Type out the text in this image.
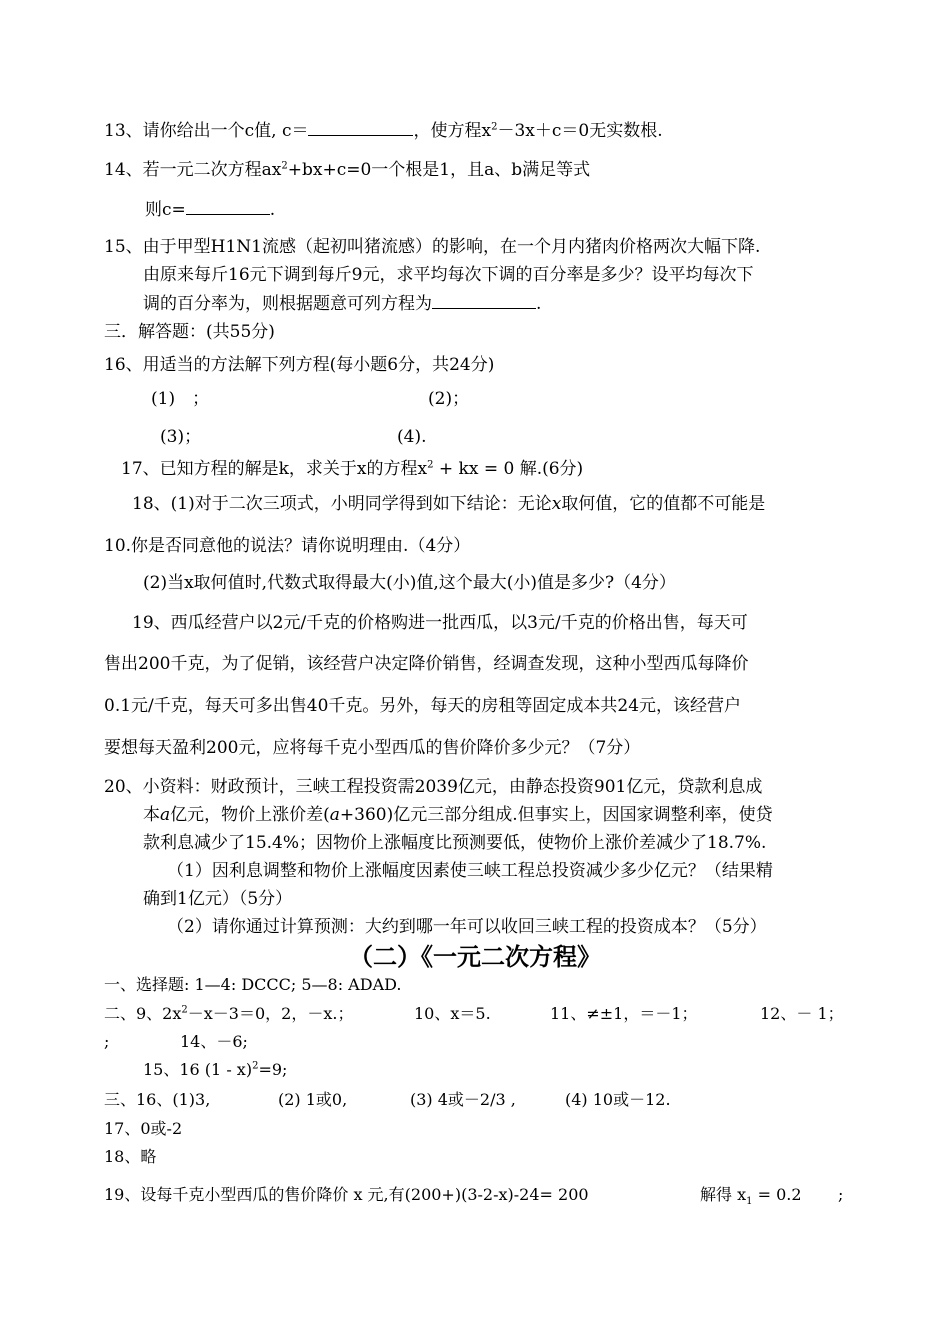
13、请你给出一个c值, c＝	，使方程$x^2-3x+c=0$无实数根.
14、若一元二次方程$ax^2+bx+c=0$一个根是1，且a、b满足等式
则c=	.
15、由于甲型H1N1流感（起初叫猪流感）的影响，在一个月内猪肉价格两次大幅下降.
由原来每斤16元下调到每斤9元，求平均每次下调的百分率是多少？设平均每次下
调的百分率为，则根据题意可列方程为	.
三．解答题：(共55分)
16、用适当的方法解下列方程(每小题6分，共24分)
(1)　；	(2)；
(3)；	(4).
17、已知方程的解是k，求关于x的方程$x^2$ + kx = 0 解.(6分)
18、(1)对于二次三项式，小明同学得到如下结论：无论x取何值，它的值都不可能是
10.你是否同意他的说法？请你说明理由.（4分）
(2)当x取何值时,代数式取得最大(小)值,这个最大(小)值是多少?（4分）
19、西瓜经营户以2元/千克的价格购进一批西瓜，以3元/千克的价格出售，每天可
售出200千克，为了促销，该经营户决定降价销售，经调查发现，这种小型西瓜每降价
0.1元/千克，每天可多出售40千克。另外，每天的房租等固定成本共24元，该经营户
要想每天盈利200元，应将每千克小型西瓜的售价降价多少元？（7分）
20、小资料：财政预计，三峡工程投资需2039亿元，由静态投资901亿元，贷款利息成
本a亿元，物价上涨价差(a+360)亿元三部分组成.但事实上，因国家调整利率，使贷
款利息减少了15.4%；因物价上涨幅度比预测要低，使物价上涨价差减少了18.7%.
（1）因利息调整和物价上涨幅度因素使三峡工程总投资减少多少亿元？（结果精
确到1亿元）（5分）
（2）请你通过计算预测：大约到哪一年可以收回三峡工程的投资成本？（5分）
（二）《一元二次方程》
一、选择题: 1—4: DCCC; 5—8: ADAD.
二、9、$2x^2-x-3=0$，2，－x.；	10、x＝5.	11、≠±1，＝－1；	12、－ 1；
;	14、－6;
15、16 (1 - x)$^2$=9;
三、16、(1)3,	(2) 1或0,	(3) 4或－2/3 ,	(4) 10或－12.
17、0或-2
18、略
19、设每千克小型西瓜的售价降价 x 元,有(200+)(3-2-x)-24= 200	解得 $x_1 = 0.2$ ;
